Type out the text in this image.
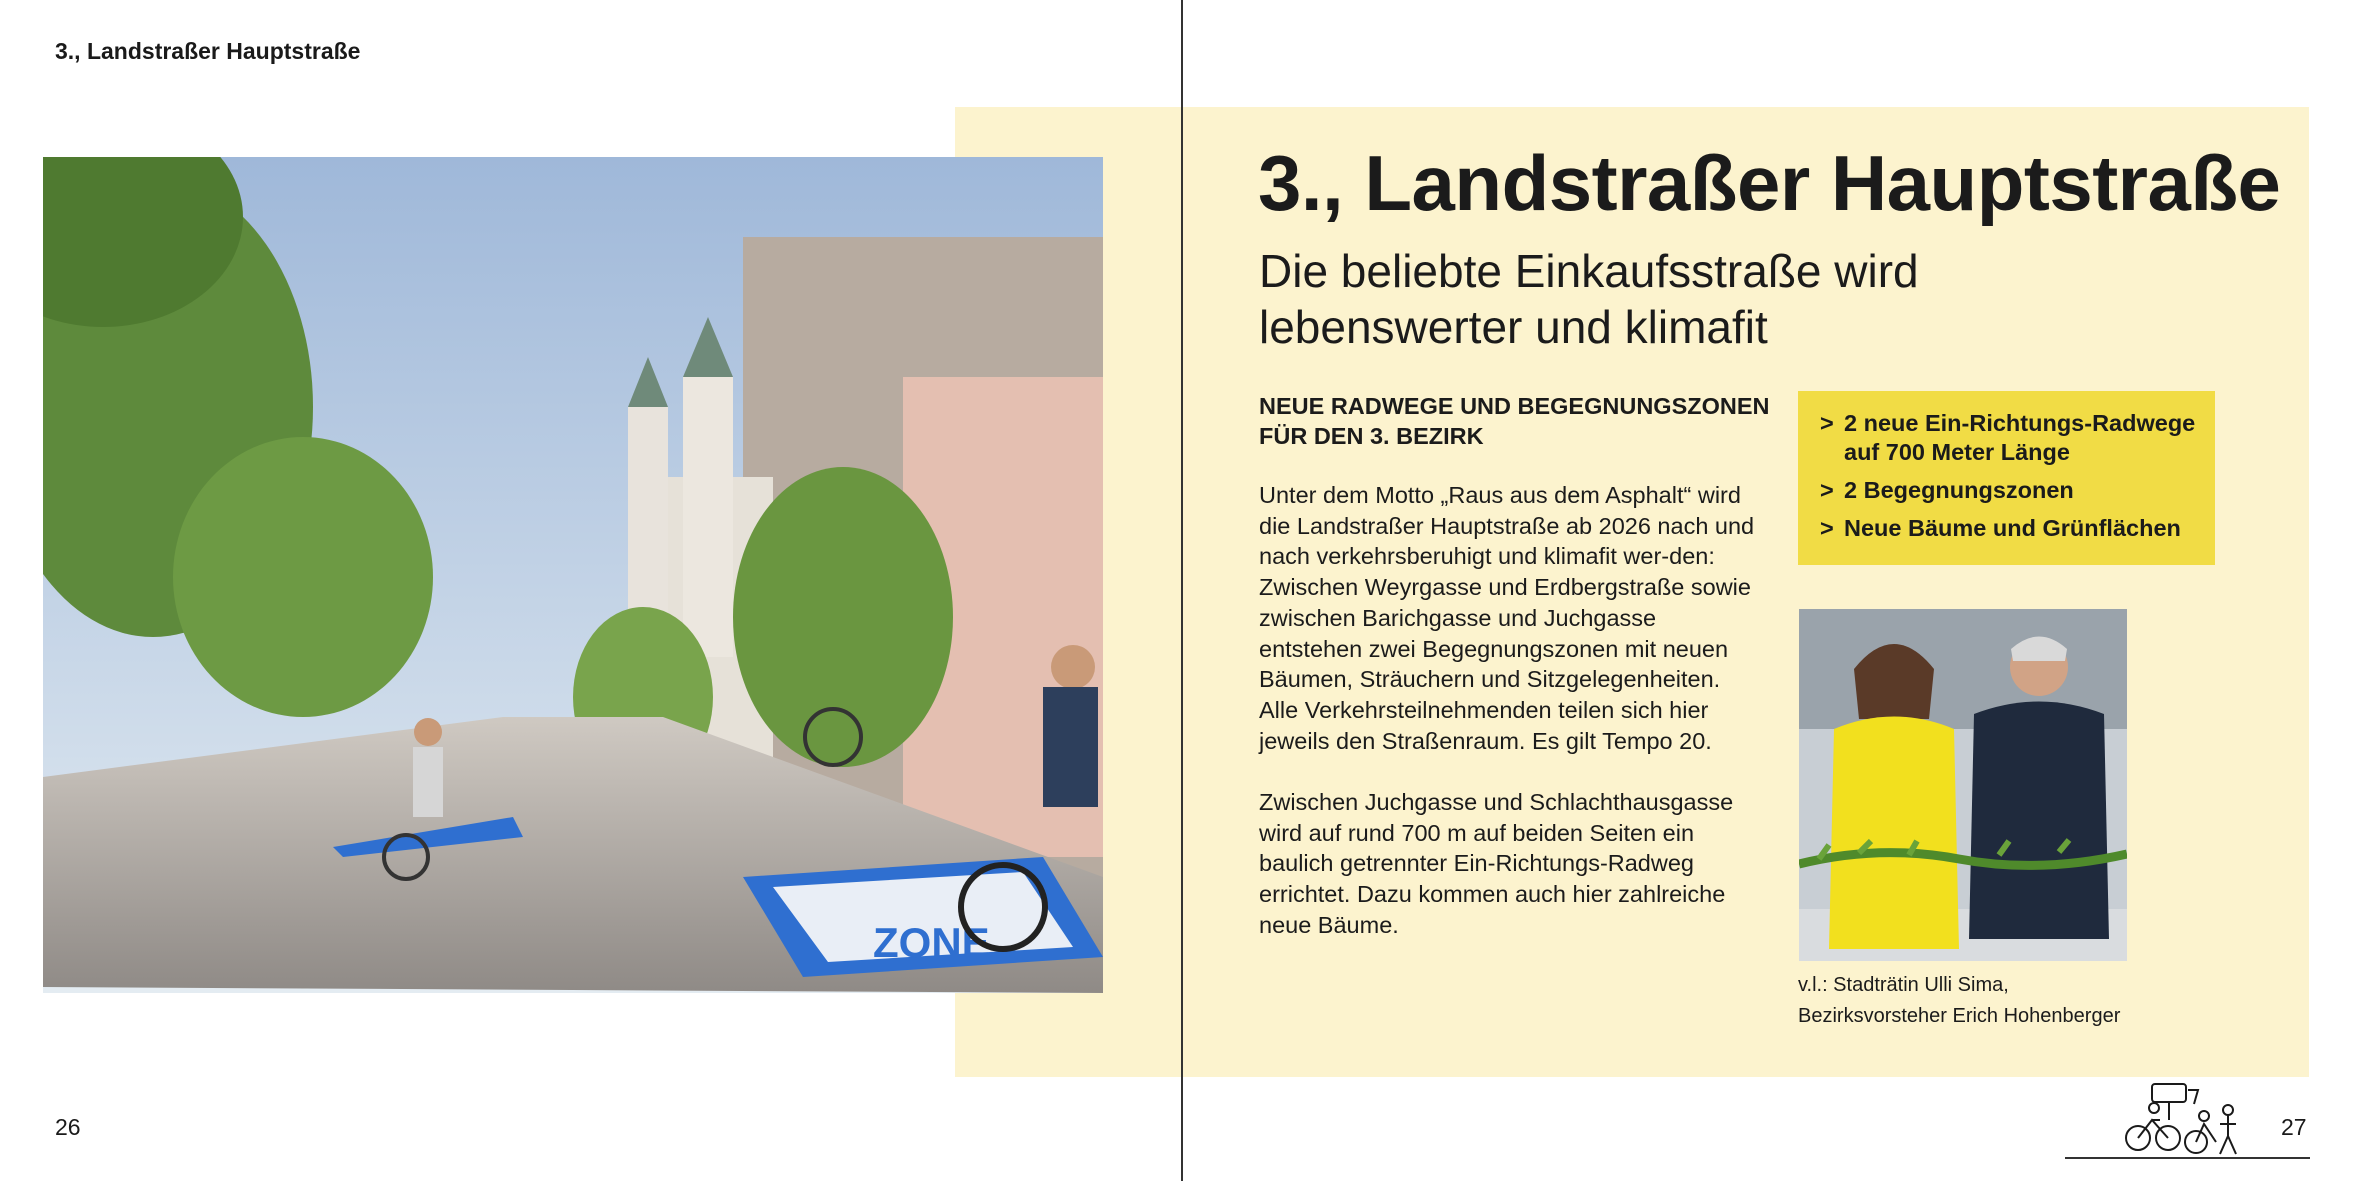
3., Landstraßer Hauptstraße
ZONE
3., Landstraßer Hauptstraße
Die beliebte Einkaufsstraße wird lebenswerter und klimafit
NEUE RADWEGE UND BEGEGNUNGSZONEN FÜR DEN 3. BEZIRK
Unter dem Motto „Raus aus dem Asphalt“ wird die Landstraßer Hauptstraße ab 2026 nach und nach verkehrsberuhigt und klimafit wer-den: Zwischen Weyrgasse und Erdbergstraße sowie zwischen Barichgasse und Juchgasse entstehen zwei Begegnungszonen mit neuen Bäumen, Sträuchern und Sitzgelegenheiten. Alle Verkehrsteilnehmenden teilen sich hier jeweils den Straßenraum. Es gilt Tempo 20.
Zwischen Juchgasse und Schlachthausgasse wird auf rund 700 m auf beiden Seiten ein baulich getrennter Ein-Richtungs-Radweg errichtet. Dazu kommen auch hier zahlreiche neue Bäume.
> 2 neue Ein-Richtungs-Radwege auf 700 Meter Länge
> 2 Begegnungszonen
> Neue Bäume und Grünflächen
v.l.: Stadträtin Ulli Sima,
Bezirksvorsteher Erich Hohenberger
26	27
